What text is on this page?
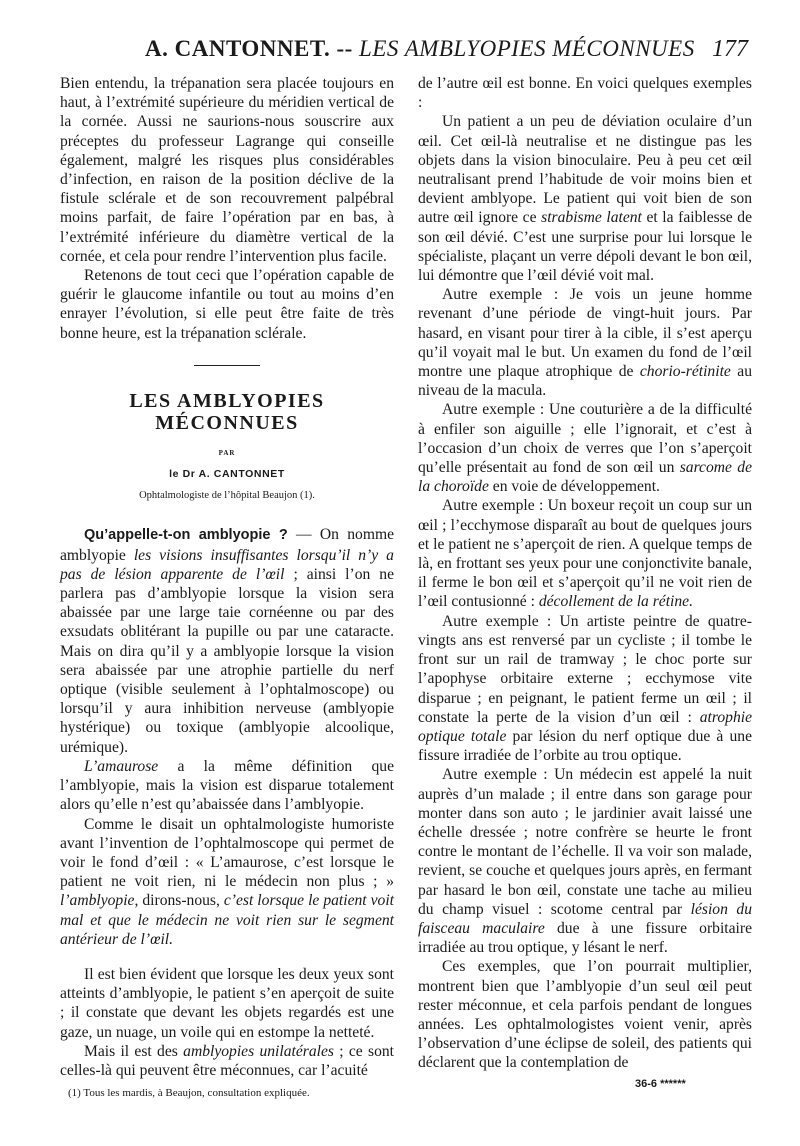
A. CANTONNET. -- LES AMBLYOPIES MÉCONNUES 177

Bien entendu, la trépanation sera placée toujours en haut, à l’extrémité supérieure du méridien vertical de la cornée. Aussi ne saurions-nous souscrire aux préceptes du professeur Lagrange qui conseille également, malgré les risques plus considérables d’infection, en raison de la position déclive de la fistule sclérale et de son recouvrement palpébral moins parfait, de faire l’opération par en bas, à l’extrémité inférieure du diamètre vertical de la cornée, et cela pour rendre l’intervention plus facile.

Retenons de tout ceci que l’opération capable de guérir le glaucome infantile ou tout au moins d’en enrayer l’évolution, si elle peut être faite de très bonne heure, est la trépanation sclérale.

LES AMBLYOPIES
MÉCONNUES
PAR
le Dr A. CANTONNET
Ophtalmologiste de l’hôpital Beaujon (1).

Qu’appelle-t-on amblyopie ? — On nomme amblyopie les visions insuffisantes lorsqu’il n’y a pas de lésion apparente de l’œil ; ainsi l’on ne parlera pas d’amblyopie lorsque la vision sera abaissée par une large taie cornéenne ou par des exsudats oblitérant la pupille ou par une cataracte. Mais on dira qu’il y a amblyopie lorsque la vision sera abaissée par une atrophie partielle du nerf optique (visible seulement à l’ophtalmoscope) ou lorsqu’il y aura inhibition nerveuse (amblyopie hystérique) ou toxique (amblyopie alcoolique, urémique).

L’amaurose a la même définition que l’amblyopie, mais la vision est disparue totalement alors qu’elle n’est qu’abaissée dans l’amblyopie.

Comme le disait un ophtalmologiste humoriste avant l’invention de l’ophtalmoscope qui permet de voir le fond d’œil : « L’amaurose, c’est lorsque le patient ne voit rien, ni le médecin non plus ; » l’amblyopie, dirons-nous, c’est lorsque le patient voit mal et que le médecin ne voit rien sur le segment antérieur de l’œil.

Il est bien évident que lorsque les deux yeux sont atteints d’amblyopie, le patient s’en aperçoit de suite ; il constate que devant les objets regardés est une gaze, un nuage, un voile qui en estompe la netteté.

Mais il est des amblyopies unilatérales ; ce sont celles-là qui peuvent être méconnues, car l’acuité

(1) Tous les mardis, à Beaujon, consultation expliquée.

de l’autre œil est bonne. En voici quelques exemples :

Un patient a un peu de déviation oculaire d’un œil. Cet œil-là neutralise et ne distingue pas les objets dans la vision binoculaire. Peu à peu cet œil neutralisant prend l’habitude de voir moins bien et devient amblyope. Le patient qui voit bien de son autre œil ignore ce strabisme latent et la faiblesse de son œil dévié. C’est une surprise pour lui lorsque le spécialiste, plaçant un verre dépoli devant le bon œil, lui démontre que l’œil dévié voit mal.

Autre exemple : Je vois un jeune homme revenant d’une période de vingt-huit jours. Par hasard, en visant pour tirer à la cible, il s’est aperçu qu’il voyait mal le but. Un examen du fond de l’œil montre une plaque atrophique de chorio-rétinite au niveau de la macula.

Autre exemple : Une couturière a de la difficulté à enfiler son aiguille ; elle l’ignorait, et c’est à l’occasion d’un choix de verres que l’on s’aperçoit qu’elle présentait au fond de son œil un sarcome de la choroïde en voie de développement.

Autre exemple : Un boxeur reçoit un coup sur un œil ; l’ecchymose disparaît au bout de quelques jours et le patient ne s’aperçoit de rien. A quelque temps de là, en frottant ses yeux pour une conjonctivite banale, il ferme le bon œil et s’aperçoit qu’il ne voit rien de l’œil contusionné : décollement de la rétine.

Autre exemple : Un artiste peintre de quatre-vingts ans est renversé par un cycliste ; il tombe le front sur un rail de tramway ; le choc porte sur l’apophyse orbitaire externe ; ecchymose vite disparue ; en peignant, le patient ferme un œil ; il constate la perte de la vision d’un œil : atrophie optique totale par lésion du nerf optique due à une fissure irradiée de l’orbite au trou optique.

Autre exemple : Un médecin est appelé la nuit auprès d’un malade ; il entre dans son garage pour monter dans son auto ; le jardinier avait laissé une échelle dressée ; notre confrère se heurte le front contre le montant de l’échelle. Il va voir son malade, revient, se couche et quelques jours après, en fermant par hasard le bon œil, constate une tache au milieu du champ visuel : scotome central par lésion du faisceau maculaire due à une fissure orbitaire irradiée au trou optique, y lésant le nerf.

Ces exemples, que l’on pourrait multiplier, montrent bien que l’amblyopie d’un seul œil peut rester méconnue, et cela parfois pendant de longues années. Les ophtalmologistes voient venir, après l’observation d’une éclipse de soleil, des patients qui déclarent que la contemplation de

36-6 ******
